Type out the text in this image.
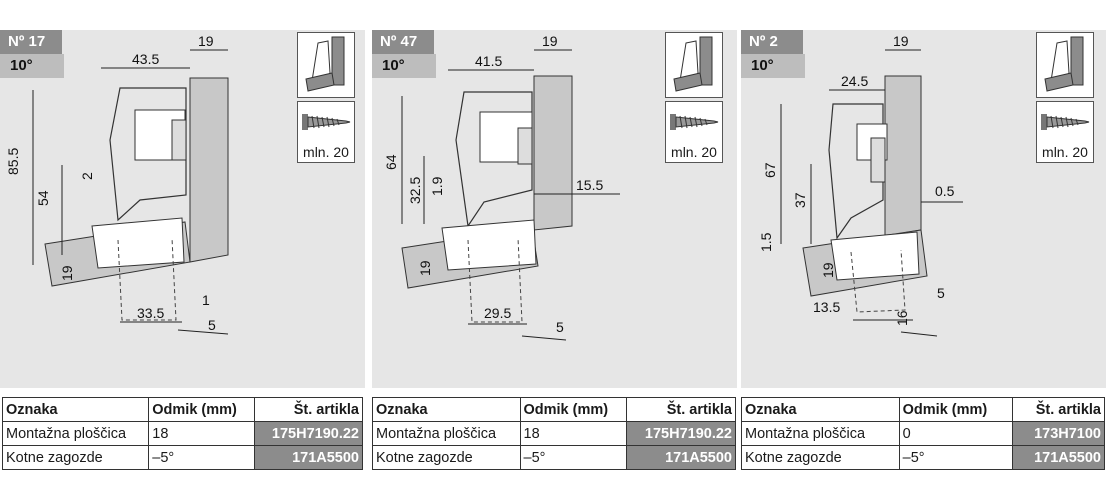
43.5
19
85.5
54
2
19
33.5
1
5
Nº 17
10°
mln. 20
Oznaka	Odmik (mm)	Št. artikla
Montažna ploščica	18	175H7190.22
Kotne zagozde	–5°	171A5500
41.5
19
64
32.5 1.9	15.5
19
29.5
5
Nº 47
10°
mln. 20
Oznaka	Odmik (mm)	Št. artikla
Montažna ploščica	18	175H7190.22
Kotne zagozde	–5°	171A5500
24.5
19
67
37
0.5
1.5
19
13.5
16
5
Nº 2
10°
mln. 20
Oznaka	Odmik (mm)	Št. artikla
Montažna ploščica	0	173H7100
Kotne zagozde	–5°	171A5500
